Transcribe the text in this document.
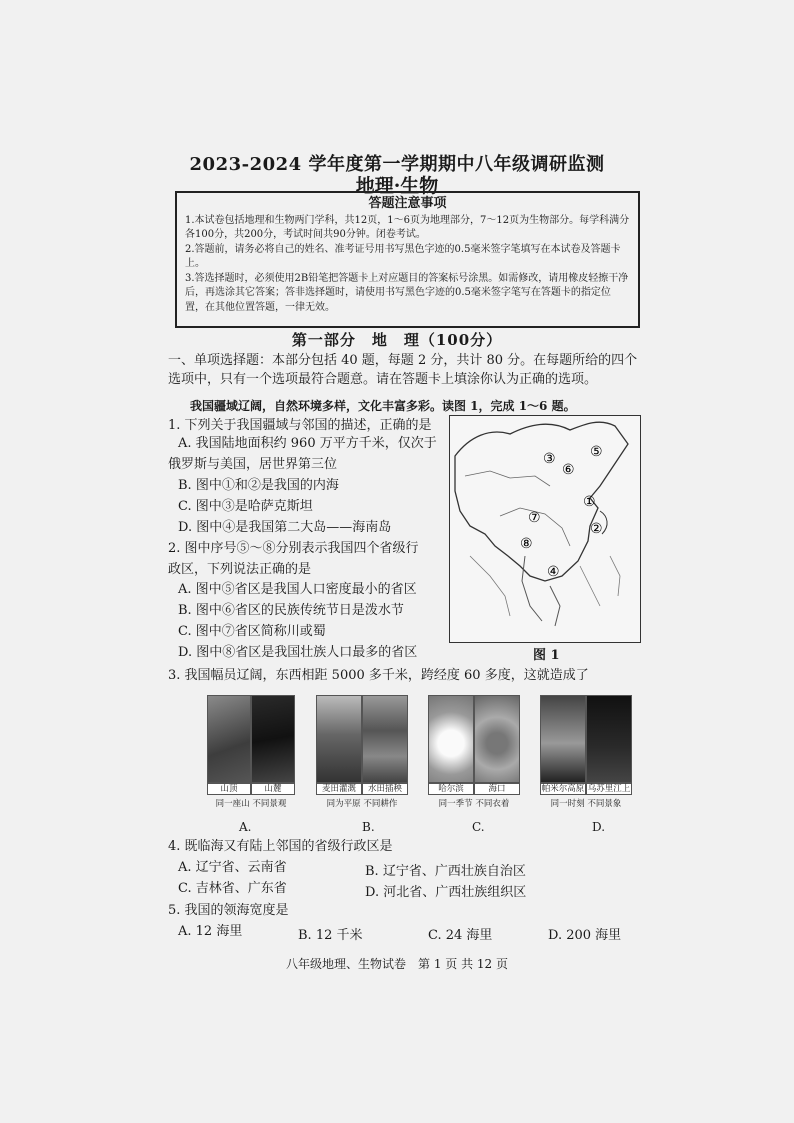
2023-2024 学年度第一学期期中八年级调研监测
地理·生物
答题注意事项

1.本试卷包括地理和生物两门学科，共12页，1～6页为地理部分，7～12页为生物部分。每学科满分各100分，共200分，考试时间共90分钟。闭卷考试。

2.答题前，请务必将自己的姓名、准考证号用书写黑色字迹的0.5毫米签字笔填写在本试卷及答题卡上。

3.答选择题时，必须使用2B铅笔把答题卡上对应题目的答案标号涂黑。如需修改，请用橡皮轻擦干净后，再选涂其它答案；答非选择题时，请使用书写黑色字迹的0.5毫米签字笔写在答题卡的指定位置，在其他位置答题，一律无效。

第一部分　地　理（100分）
一、单项选择题：本部分包括 40 题，每题 2 分，共计 80 分。在每题所给的四个选项中，只有一个选项最符合题意。请在答题卡上填涂你认为正确的选项。
我国疆域辽阔，自然环境多样，文化丰富多彩。读图 1，完成 1～6 题。
1. 下列关于我国疆域与邻国的描述，正确的是
A. 我国陆地面积约 960 万平方千米，仅次于
俄罗斯与美国，居世界第三位
B. 图中①和②是我国的内海
C. 图中③是哈萨克斯坦
D. 图中④是我国第二大岛——海南岛
2. 图中序号⑤～⑧分别表示我国四个省级行
政区，下列说法正确的是
A. 图中⑤省区是我国人口密度最小的省区
B. 图中⑥省区的民族传统节日是泼水节
C. 图中⑦省区简称川或蜀
D. 图中⑧省区是我国壮族人口最多的省区
③ ⑤
⑥
①
⑦
②
⑧
④
图 1
3. 我国幅员辽阔，东西相距 5000 多千米，跨经度 60 多度，这就造成了
山顶	山麓
同一座山 不同景观
麦田灌溉	水田插秧
同为平原 不同耕作
哈尔滨	海口
同一季节 不同衣着
帕米尔高原 乌苏里江上
同一时刻 不同景象
A.	B.	C.	D.
4. 既临海又有陆上邻国的省级行政区是
A. 辽宁省、云南省	B. 辽宁省、广西壮族自治区
C. 吉林省、广东省	D. 河北省、广西壮族组织区
5. 我国的领海宽度是
A. 12 海里	B. 12 千米	C. 24 海里	D. 200 海里
八年级地理、生物试卷　第 1 页 共 12 页
